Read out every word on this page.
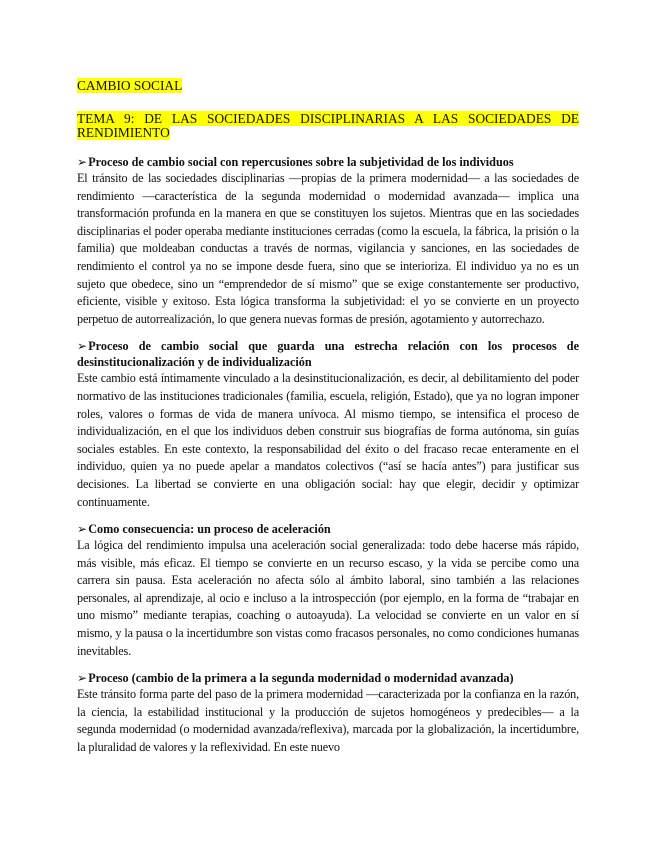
CAMBIO SOCIAL

TEMA 9: DE LAS SOCIEDADES DISCIPLINARIAS A LAS SOCIEDADES DE RENDIMIENTO

➢Proceso de cambio social con repercusiones sobre la subjetividad de los individuos

El tránsito de las sociedades disciplinarias —propias de la primera modernidad— a las sociedades de rendimiento —característica de la segunda modernidad o modernidad avanzada— implica una transformación profunda en la manera en que se constituyen los sujetos. Mientras que en las sociedades disciplinarias el poder operaba mediante instituciones cerradas (como la escuela, la fábrica, la prisión o la familia) que moldeaban conductas a través de normas, vigilancia y sanciones, en las sociedades de rendimiento el control ya no se impone desde fuera, sino que se interioriza. El individuo ya no es un sujeto que obedece, sino un “emprendedor de sí mismo” que se exige constantemente ser productivo, eficiente, visible y exitoso. Esta lógica transforma la subjetividad: el yo se convierte en un proyecto perpetuo de autorrealización, lo que genera nuevas formas de presión, agotamiento y autorrechazo.

➢Proceso de cambio social que guarda una estrecha relación con los procesos de desinstitucionalización y de individualización

Este cambio está íntimamente vinculado a la desinstitucionalización, es decir, al debilitamiento del poder normativo de las instituciones tradicionales (familia, escuela, religión, Estado), que ya no logran imponer roles, valores o formas de vida de manera unívoca. Al mismo tiempo, se intensifica el proceso de individualización, en el que los individuos deben construir sus biografías de forma autónoma, sin guías sociales estables. En este contexto, la responsabilidad del éxito o del fracaso recae enteramente en el individuo, quien ya no puede apelar a mandatos colectivos (“así se hacía antes”) para justificar sus decisiones. La libertad se convierte en una obligación social: hay que elegir, decidir y optimizar continuamente.

➢Como consecuencia: un proceso de aceleración

La lógica del rendimiento impulsa una aceleración social generalizada: todo debe hacerse más rápido, más visible, más eficaz. El tiempo se convierte en un recurso escaso, y la vida se percibe como una carrera sin pausa. Esta aceleración no afecta sólo al ámbito laboral, sino también a las relaciones personales, al aprendizaje, al ocio e incluso a la introspección (por ejemplo, en la forma de “trabajar en uno mismo” mediante terapias, coaching o autoayuda). La velocidad se convierte en un valor en sí mismo, y la pausa o la incertidumbre son vistas como fracasos personales, no como condiciones humanas inevitables.

➢Proceso (cambio de la primera a la segunda modernidad o modernidad avanzada)

Este tránsito forma parte del paso de la primera modernidad —caracterizada por la confianza en la razón, la ciencia, la estabilidad institucional y la producción de sujetos homogéneos y predecibles— a la segunda modernidad (o modernidad avanzada/reflexiva), marcada por la globalización, la incertidumbre, la pluralidad de valores y la reflexividad. En este nuevo
